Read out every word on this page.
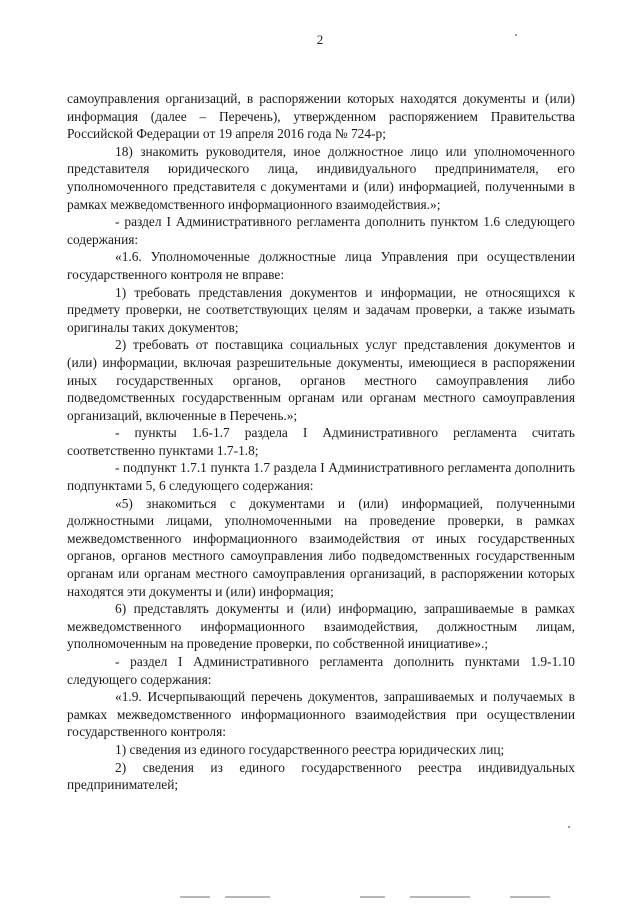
2

самоуправления организаций, в распоряжении которых находятся документы и (или) информация (далее – Перечень), утвержденном распоряжением Правительства Российской Федерации от 19 апреля 2016 года № 724-р;

18) знакомить руководителя, иное должностное лицо или уполномоченного представителя юридического лица, индивидуального предпринимателя, его уполномоченного представителя с документами и (или) информацией, полученными в рамках межведомственного информационного взаимодействия.»;

- раздел I Административного регламента дополнить пунктом 1.6 следующего содержания:

«1.6. Уполномоченные должностные лица Управления при осуществлении государственного контроля не вправе:

1) требовать представления документов и информации, не относящихся к предмету проверки, не соответствующих целям и задачам проверки, а также изымать оригиналы таких документов;

2) требовать от поставщика социальных услуг представления документов и (или) информации, включая разрешительные документы, имеющиеся в распоряжении иных государственных органов, органов местного самоуправления либо подведомственных государственным органам или органам местного самоуправления организаций, включенные в Перечень.»;

- пункты 1.6-1.7 раздела I Административного регламента считать соответственно пунктами 1.7-1.8;

- подпункт 1.7.1 пункта 1.7 раздела I Административного регламента дополнить подпунктами 5, 6 следующего содержания:

«5) знакомиться с документами и (или) информацией, полученными должностными лицами, уполномоченными на проведение проверки, в рамках межведомственного информационного взаимодействия от иных государственных органов, органов местного самоуправления либо подведомственных государственным органам или органам местного самоуправления организаций, в распоряжении которых находятся эти документы и (или) информация;

6) представлять документы и (или) информацию, запрашиваемые в рамках межведомственного информационного взаимодействия, должностным лицам, уполномоченным на проведение проверки, по собственной инициативе».;

- раздел I Административного регламента дополнить пунктами 1.9-1.10 следующего содержания:

«1.9. Исчерпывающий перечень документов, запрашиваемых и получаемых в рамках межведомственного информационного взаимодействия при осуществлении государственного контроля:

1) сведения из единого государственного реестра юридических лиц;

2) сведения из единого государственного реестра индивидуальных предпринимателей;
